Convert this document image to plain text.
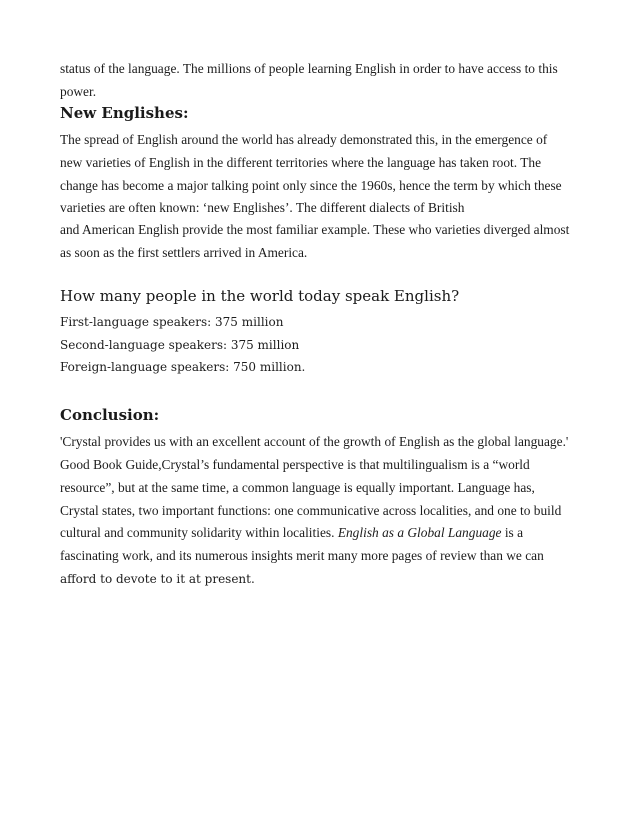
status of the language. The millions of people learning English in order to have access to this
power.
New Englishes:
The spread of English around the world has already demonstrated this, in the emergence of
new varieties of English in the different territories where the language has taken root. The
change has become a major talking point only since the 1960s, hence the term by which these
varieties are often known: ‘new Englishes’. The different dialects of British
and American English provide the most familiar example. These who varieties diverged almost
as soon as the first settlers arrived in America.
How many people in the world today speak English?
First-language speakers: 375 million
Second-language speakers: 375 million
Foreign-language speakers: 750 million.
Conclusion:
'Crystal provides us with an excellent account of the growth of English as the global language.'
Good Book Guide,Crystal’s fundamental perspective is that multilingualism is a “world
resource”, but at the same time, a common language is equally important. Language has,
Crystal states, two important functions: one communicative across localities, and one to build
cultural and community solidarity within localities. English as a Global Language is a
fascinating work, and its numerous insights merit many more pages of review than we can
afford to devote to it at present.
